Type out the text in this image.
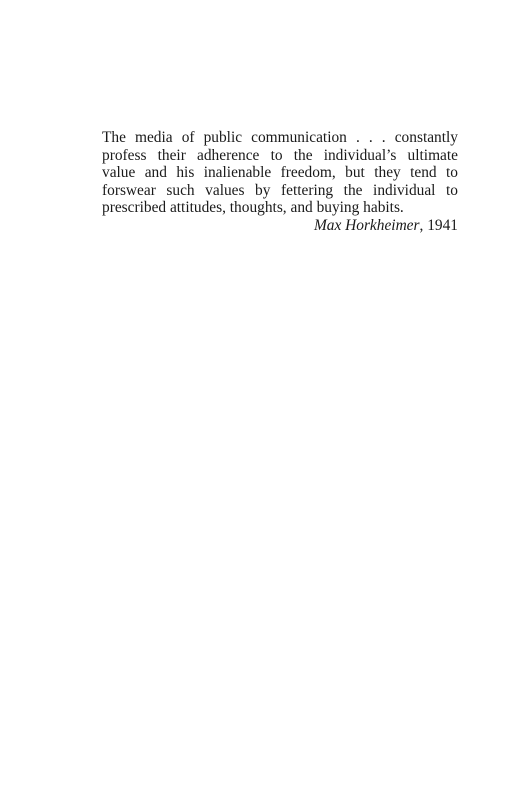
The media of public communication . . . constantly
profess their adherence to the individual’s ultimate
value and his inalienable freedom, but they tend to
forswear such values by fettering the individual to
prescribed attitudes, thoughts, and buying habits.
Max Horkheimer, 1941
